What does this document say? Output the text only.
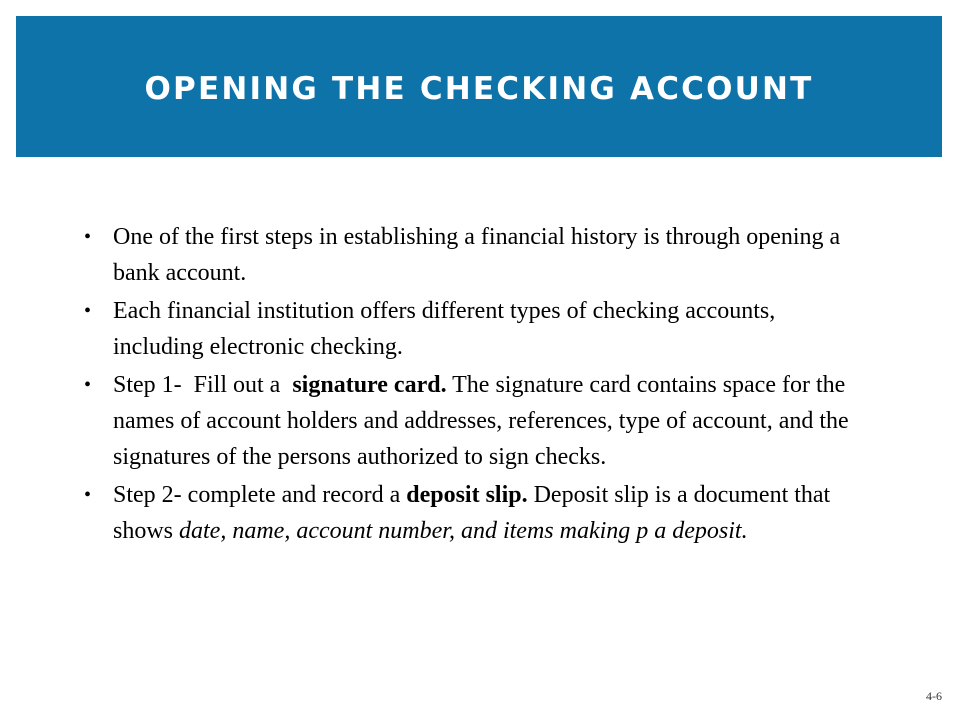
OPENING THE CHECKING ACCOUNT
• One of the first steps in establishing a financial history is through opening a bank account.
• Each financial institution offers different types of checking accounts, including electronic checking.
• Step 1-  Fill out a  signature card. The signature card contains space for the names of account holders and addresses, references, type of account, and the signatures of the persons authorized to sign checks.
• Step 2- complete and record a deposit slip. Deposit slip is a document that shows date, name, account number, and items making p a deposit.
4-6
